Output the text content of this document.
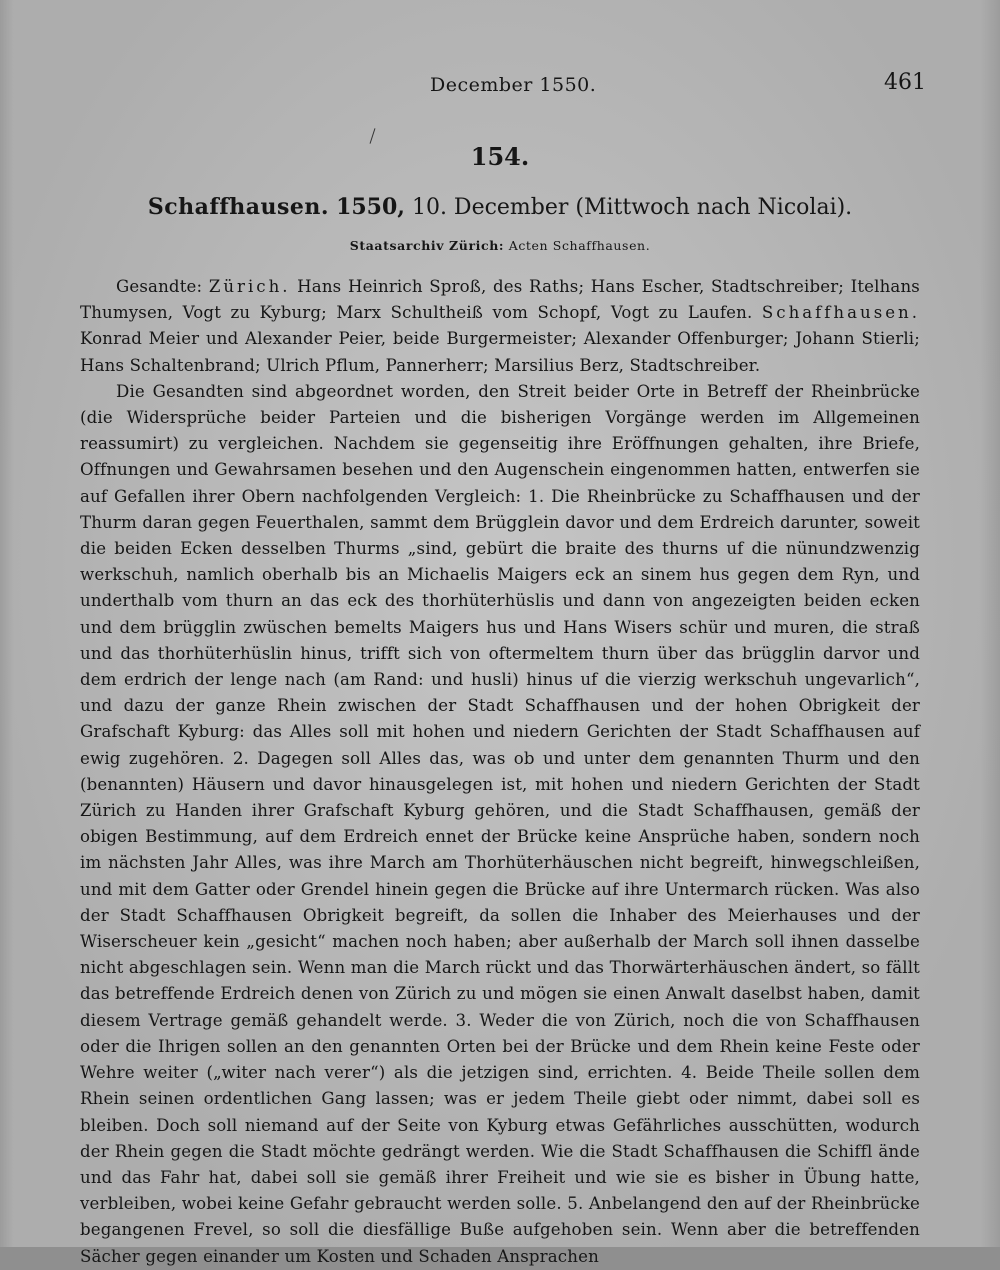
December 1550.	461
154.
Schaffhausen. 1550, 10. December (Mittwoch nach Nicolai).
Staatsarchiv Zürich: Acten Schaffhausen.

Gesandte: Zürich. Hans Heinrich Sproß, des Raths; Hans Escher, Stadtschreiber; Itelhans Thumysen, Vogt zu Kyburg; Marx Schultheiß vom Schopf, Vogt zu Laufen. Schaffhausen. Konrad Meier und Alexander Peier, beide Burgermeister; Alexander Offenburger; Johann Stierli; Hans Schaltenbrand; Ulrich Pflum, Pannerherr; Marsilius Berz, Stadtschreiber.

Die Gesandten sind abgeordnet worden, den Streit beider Orte in Betreff der Rheinbrücke (die Widersprüche beider Parteien und die bisherigen Vorgänge werden im Allgemeinen reassumirt) zu vergleichen. Nachdem sie gegenseitig ihre Eröffnungen gehalten, ihre Briefe, Offnungen und Gewahrsamen besehen und den Augenschein eingenommen hatten, entwerfen sie auf Gefallen ihrer Obern nachfolgenden Vergleich: 1. Die Rheinbrücke zu Schaffhausen und der Thurm daran gegen Feuerthalen, sammt dem Brügglein davor und dem Erdreich darunter, soweit die beiden Ecken desselben Thurms „sind, gebürt die braite des thurns uf die nünundzwenzig werkschuh, namlich oberhalb bis an Michaelis Maigers eck an sinem hus gegen dem Ryn, und underthalb vom thurn an das eck des thorhüterhüslis und dann von angezeigten beiden ecken und dem brügglin zwüschen bemelts Maigers hus und Hans Wisers schür und muren, die straß und das thorhüterhüslin hinus, trifft sich von oftermeltem thurn über das brügglin darvor und dem erdrich der lenge nach (am Rand: und husli) hinus uf die vierzig werkschuh ungevarlich“, und dazu der ganze Rhein zwischen der Stadt Schaffhausen und der hohen Obrigkeit der Grafschaft Kyburg: das Alles soll mit hohen und niedern Gerichten der Stadt Schaffhausen auf ewig zugehören. 2. Dagegen soll Alles das, was ob und unter dem genannten Thurm und den (benannten) Häusern und davor hinausgelegen ist, mit hohen und niedern Gerichten der Stadt Zürich zu Handen ihrer Grafschaft Kyburg gehören, und die Stadt Schaffhausen, gemäß der obigen Bestimmung, auf dem Erdreich ennet der Brücke keine Ansprüche haben, sondern noch im nächsten Jahr Alles, was ihre March am Thorhüterhäuschen nicht begreift, hinwegschleißen, und mit dem Gatter oder Grendel hinein gegen die Brücke auf ihre Untermarch rücken. Was also der Stadt Schaffhausen Obrigkeit begreift, da sollen die Inhaber des Meierhauses und der Wiserscheuer kein „gesicht“ machen noch haben; aber außerhalb der March soll ihnen dasselbe nicht abgeschlagen sein. Wenn man die March rückt und das Thorwärterhäuschen ändert, so fällt das betreffende Erdreich denen von Zürich zu und mögen sie einen Anwalt daselbst haben, damit diesem Vertrage gemäß gehandelt werde. 3. Weder die von Zürich, noch die von Schaffhausen oder die Ihrigen sollen an den genannten Orten bei der Brücke und dem Rhein keine Feste oder Wehre weiter („witer nach verer“) als die jetzigen sind, errichten. 4. Beide Theile sollen dem Rhein seinen ordentlichen Gang lassen; was er jedem Theile giebt oder nimmt, dabei soll es bleiben. Doch soll niemand auf der Seite von Kyburg etwas Gefährliches ausschütten, wodurch der Rhein gegen die Stadt möchte gedrängt werden. Wie die Stadt Schaffhausen die Schiffl ände und das Fahr hat, dabei soll sie gemäß ihrer Freiheit und wie sie es bisher in Übung hatte, verbleiben, wobei keine Gefahr gebraucht werden solle. 5. Anbelangend den auf der Rheinbrücke begangenen Frevel, so soll die diesfällige Buße aufgehoben sein. Wenn aber die betreffenden Sächer gegen einander um Kosten und Schaden Ansprachen
